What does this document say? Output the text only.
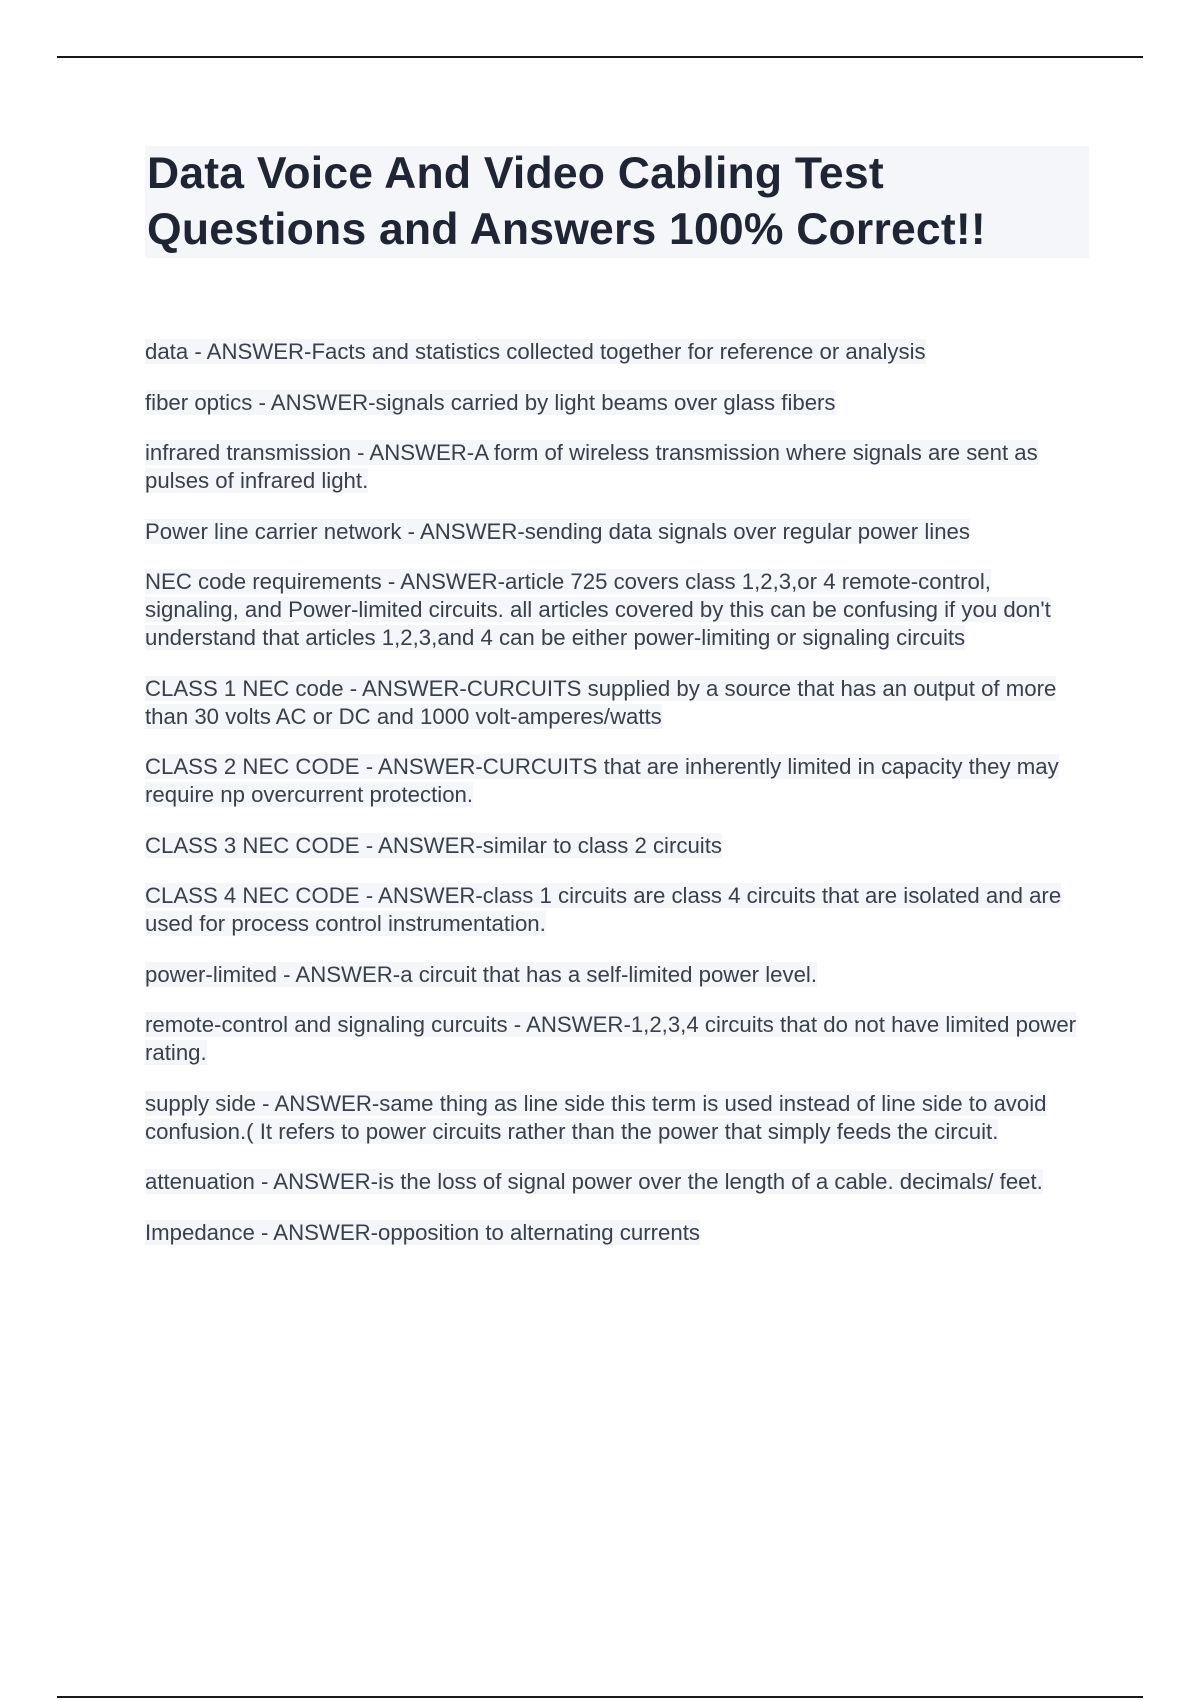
Data Voice And Video Cabling Test Questions and Answers 100% Correct!!

data - ANSWER-Facts and statistics collected together for reference or analysis

fiber optics - ANSWER-signals carried by light beams over glass fibers

infrared transmission - ANSWER-A form of wireless transmission where signals are sent as pulses of infrared light.

Power line carrier network - ANSWER-sending data signals over regular power lines

NEC code requirements - ANSWER-article 725 covers class 1,2,3,or 4 remote-control, signaling, and Power-limited circuits. all articles covered by this can be confusing if you don't understand that articles 1,2,3,and 4 can be either power-limiting or signaling circuits

CLASS 1 NEC code - ANSWER-CURCUITS supplied by a source that has an output of more than 30 volts AC or DC and 1000 volt-amperes/watts

CLASS 2 NEC CODE - ANSWER-CURCUITS that are inherently limited in capacity they may require np overcurrent protection.

CLASS 3 NEC CODE - ANSWER-similar to class 2 circuits

CLASS 4 NEC CODE - ANSWER-class 1 circuits are class 4 circuits that are isolated and are used for process control instrumentation.

power-limited - ANSWER-a circuit that has a self-limited power level.

remote-control and signaling curcuits - ANSWER-1,2,3,4 circuits that do not have limited power rating.

supply side - ANSWER-same thing as line side this term is used instead of line side to avoid confusion.( It refers to power circuits rather than the power that simply feeds the circuit.

attenuation - ANSWER-is the loss of signal power over the length of a cable. decimals/ feet.

Impedance - ANSWER-opposition to alternating currents
